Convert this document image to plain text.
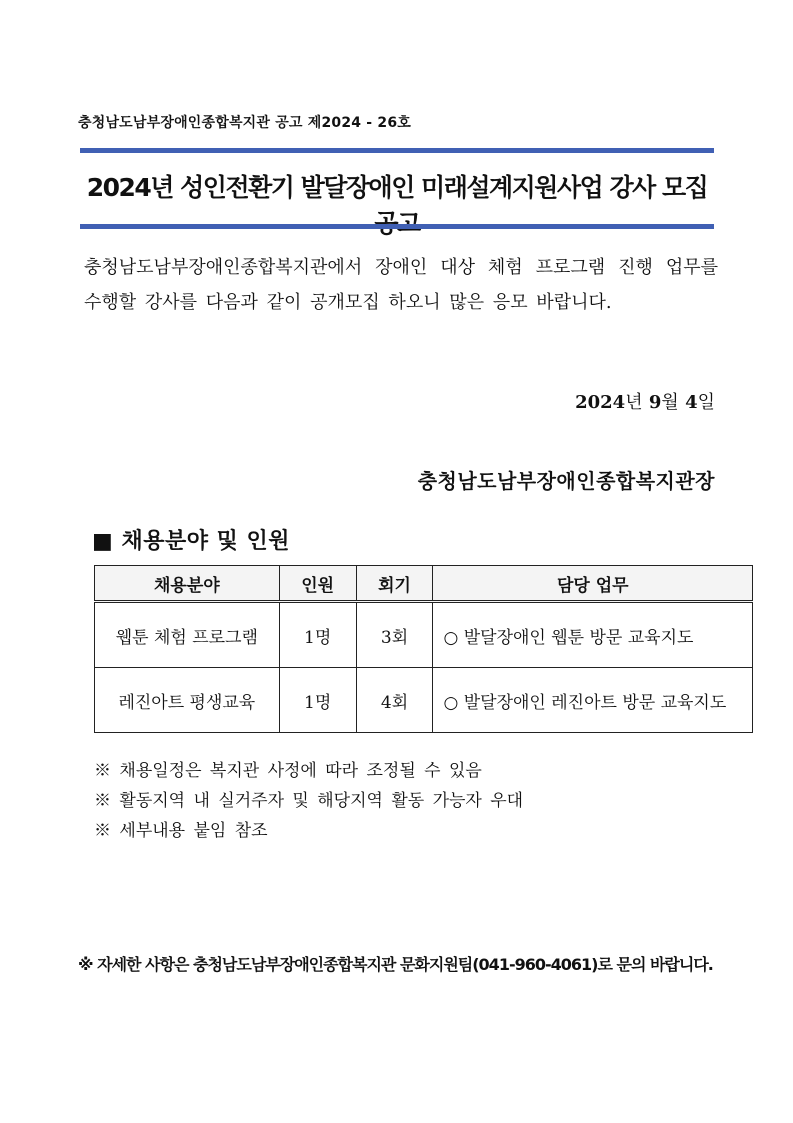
충청남도남부장애인종합복지관 공고 제2024 - 26호
2024년 성인전환기 발달장애인 미래설계지원사업 강사 모집
충청남도남부장애인종합복지관에서 장애인 대상 체험 프로그램 진행 업무를 수행할 강사를 다음과 같이 공개모집 하오니 많은 응모 바랍니다.
2024년 9월 4일
충청남도남부장애인종합복지관장
■ 채용분야 및 인원
채용분야	인원	회기	담당 업무
웹툰 체험 프로그램	1명	3회	○ 발달장애인 웹툰 방문 교육지도
레진아트 평생교육	1명	4회	○ 발달장애인 레진아트 방문 교육지도
※ 채용일정은 복지관 사정에 따라 조정될 수 있음
※ 활동지역 내 실거주자 및 해당지역 활동 가능자 우대
※ 세부내용 붙임 참조
※ 자세한 사항은 충청남도남부장애인종합복지관 문화지원팀(041-960-4061)로 문의 바랍니다.
